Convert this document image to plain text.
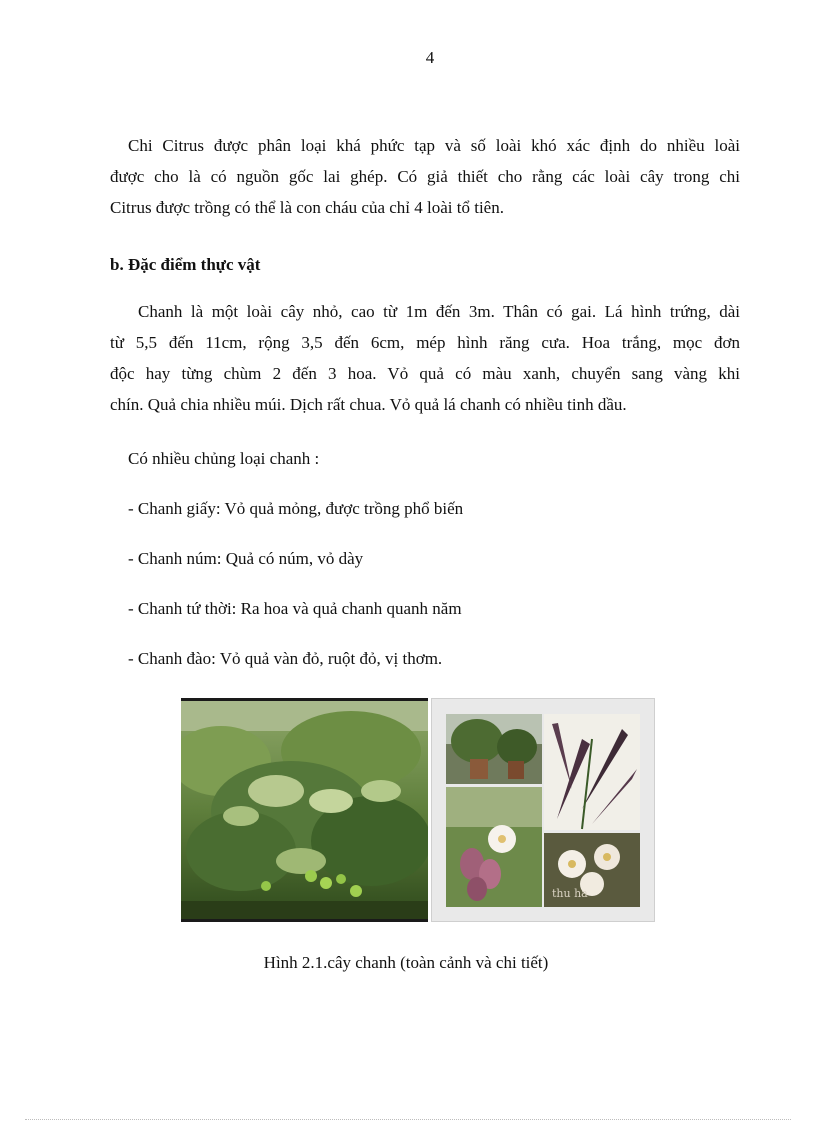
4

Chi Citrus được phân loại khá phức tạp và số loài khó xác định do nhiều loài
được cho là có nguồn gốc lai ghép. Có giả thiết cho rằng các loài cây trong chi
Citrus được trồng có thể là con cháu của chỉ 4 loài tổ tiên.

b. Đặc điểm thực vật

Chanh là một loài cây nhỏ, cao từ 1m đến 3m. Thân có gai. Lá hình trứng, dài
từ 5,5 đến 11cm, rộng 3,5 đến 6cm, mép hình răng cưa. Hoa trắng, mọc đơn
độc hay từng chùm 2 đến 3 hoa. Vỏ quả có màu xanh, chuyển sang vàng khi
chín. Quả chia nhiều múi. Dịch rất chua. Vỏ quả lá chanh có nhiều tinh dầu.

Có nhiều chủng loại chanh :

- Chanh giấy: Vỏ quả mỏng, được trồng phổ biến

- Chanh núm: Quả có núm, vỏ dày

- Chanh tứ thời: Ra hoa và quả chanh quanh năm

- Chanh đào: Vỏ quả vàn đỏ, ruột đỏ, vị thơm.

thu ha
Hình 2.1.cây chanh (toàn cảnh và chi tiết)
